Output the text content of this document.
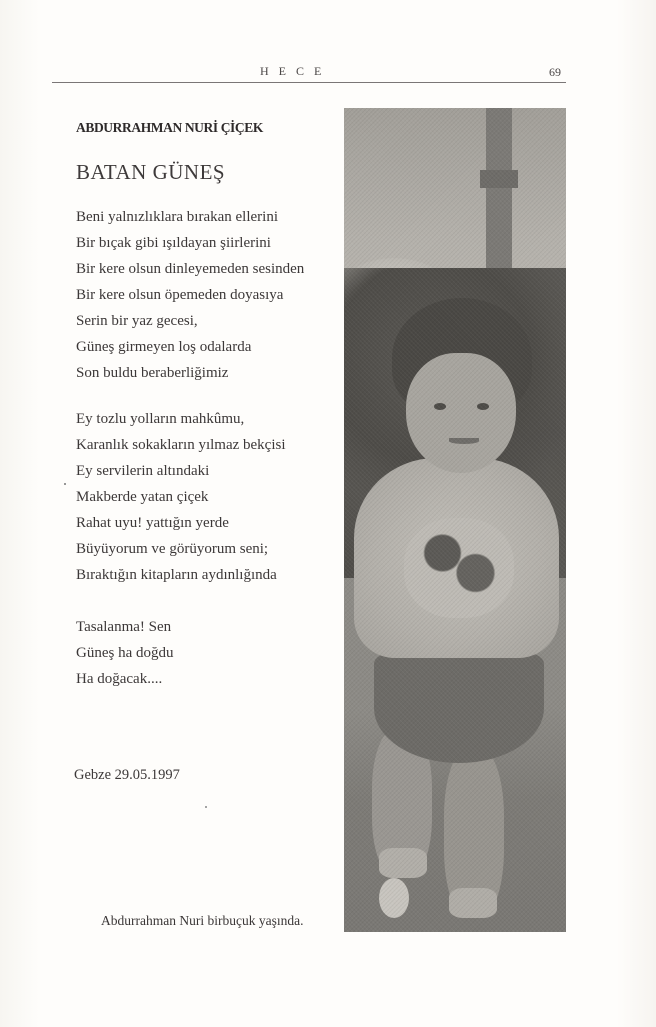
HECE	69
ABDURRAHMAN NURİ ÇİÇEK
BATAN GÜNEŞ
Beni yalnızlıklara bırakan ellerini
Bir bıçak gibi ışıldayan şiirlerini
Bir kere olsun dinleyemeden sesinden
Bir kere olsun öpemeden doyasıya
Serin bir yaz gecesi,
Güneş girmeyen loş odalarda
Son buldu beraberliğimiz
Ey tozlu yolların mahkûmu,
Karanlık sokakların yılmaz bekçisi
Ey servilerin altındaki
Makberde yatan çiçek
Rahat uyu! yattığın yerde
Büyüyorum ve görüyorum seni;
Bıraktığın kitapların aydınlığında
Tasalanma! Sen
Güneş ha doğdu
Ha doğacak....
Gebze 29.05.1997
Abdurrahman Nuri birbuçuk yaşında.
